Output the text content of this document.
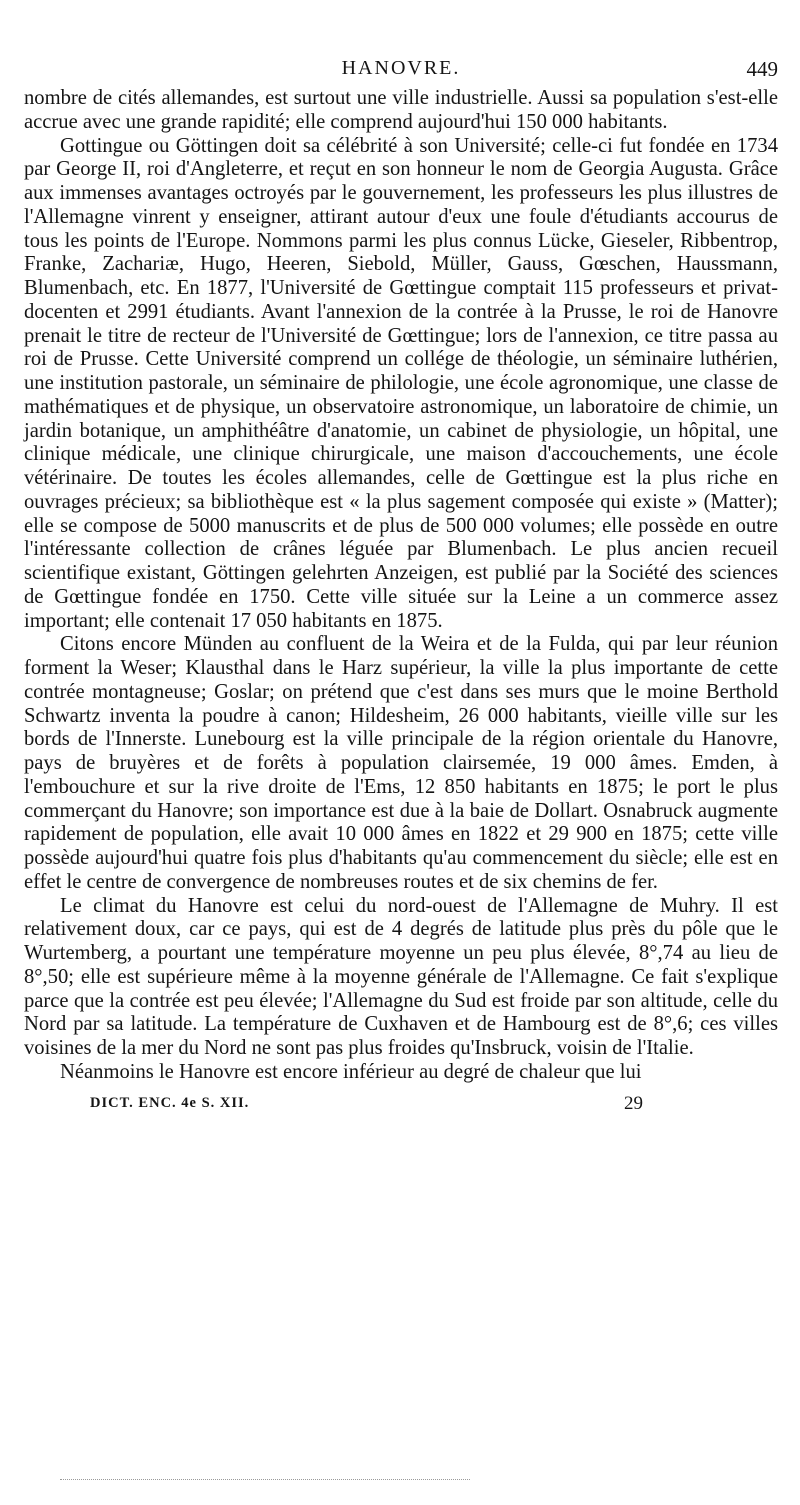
HANOVRE.	449

nombre de cités allemandes, est surtout une ville industrielle. Aussi sa population s'est-elle accrue avec une grande rapidité; elle comprend aujourd'hui 150 000 habitants.

Gottingue ou Göttingen doit sa célébrité à son Université; celle-ci fut fondée en 1734 par George II, roi d'Angleterre, et reçut en son honneur le nom de Georgia Augusta. Grâce aux immenses avantages octroyés par le gouvernement, les professeurs les plus illustres de l'Allemagne vinrent y enseigner, attirant autour d'eux une foule d'étudiants accourus de tous les points de l'Europe. Nommons parmi les plus connus Lücke, Gieseler, Ribbentrop, Franke, Zachariæ, Hugo, Heeren, Siebold, Müller, Gauss, Gœschen, Haussmann, Blumenbach, etc. En 1877, l'Université de Gœttingue comptait 115 professeurs et privat-docenten et 2991 étudiants. Avant l'annexion de la contrée à la Prusse, le roi de Hanovre prenait le titre de recteur de l'Université de Gœttingue; lors de l'annexion, ce titre passa au roi de Prusse. Cette Université comprend un collége de théologie, un séminaire luthérien, une institution pastorale, un séminaire de philologie, une école agronomique, une classe de mathématiques et de physique, un observatoire astronomique, un laboratoire de chimie, un jardin botanique, un amphithéâtre d'anatomie, un cabinet de physiologie, un hôpital, une clinique médicale, une clinique chirurgicale, une maison d'accouchements, une école vétérinaire. De toutes les écoles allemandes, celle de Gœttingue est la plus riche en ouvrages précieux; sa bibliothèque est « la plus sagement composée qui existe » (Matter); elle se compose de 5000 manuscrits et de plus de 500 000 volumes; elle possède en outre l'intéressante collection de crânes léguée par Blumenbach. Le plus ancien recueil scientifique existant, Göttingen gelehrten Anzeigen, est publié par la Société des sciences de Gœttingue fondée en 1750. Cette ville située sur la Leine a un commerce assez important; elle contenait 17 050 habitants en 1875.

Citons encore Münden au confluent de la Weira et de la Fulda, qui par leur réunion forment la Weser; Klausthal dans le Harz supérieur, la ville la plus importante de cette contrée montagneuse; Goslar; on prétend que c'est dans ses murs que le moine Berthold Schwartz inventa la poudre à canon; Hildesheim, 26 000 habitants, vieille ville sur les bords de l'Innerste. Lunebourg est la ville principale de la région orientale du Hanovre, pays de bruyères et de forêts à population clairsemée, 19 000 âmes. Emden, à l'embouchure et sur la rive droite de l'Ems, 12 850 habitants en 1875; le port le plus commerçant du Hanovre; son importance est due à la baie de Dollart. Osnabruck augmente rapidement de population, elle avait 10 000 âmes en 1822 et 29 900 en 1875; cette ville possède aujourd'hui quatre fois plus d'habitants qu'au commencement du siècle; elle est en effet le centre de convergence de nombreuses routes et de six chemins de fer.

Le climat du Hanovre est celui du nord-ouest de l'Allemagne de Muhry. Il est relativement doux, car ce pays, qui est de 4 degrés de latitude plus près du pôle que le Wurtemberg, a pourtant une température moyenne un peu plus élevée, 8°,74 au lieu de 8°,50; elle est supérieure même à la moyenne générale de l'Allemagne. Ce fait s'explique parce que la contrée est peu élevée; l'Allemagne du Sud est froide par son altitude, celle du Nord par sa latitude. La température de Cuxhaven et de Hambourg est de 8°,6; ces villes voisines de la mer du Nord ne sont pas plus froides qu'Insbruck, voisin de l'Italie.

Néanmoins le Hanovre est encore inférieur au degré de chaleur que lui

DICT. ENC. 4e S. XII.	29
